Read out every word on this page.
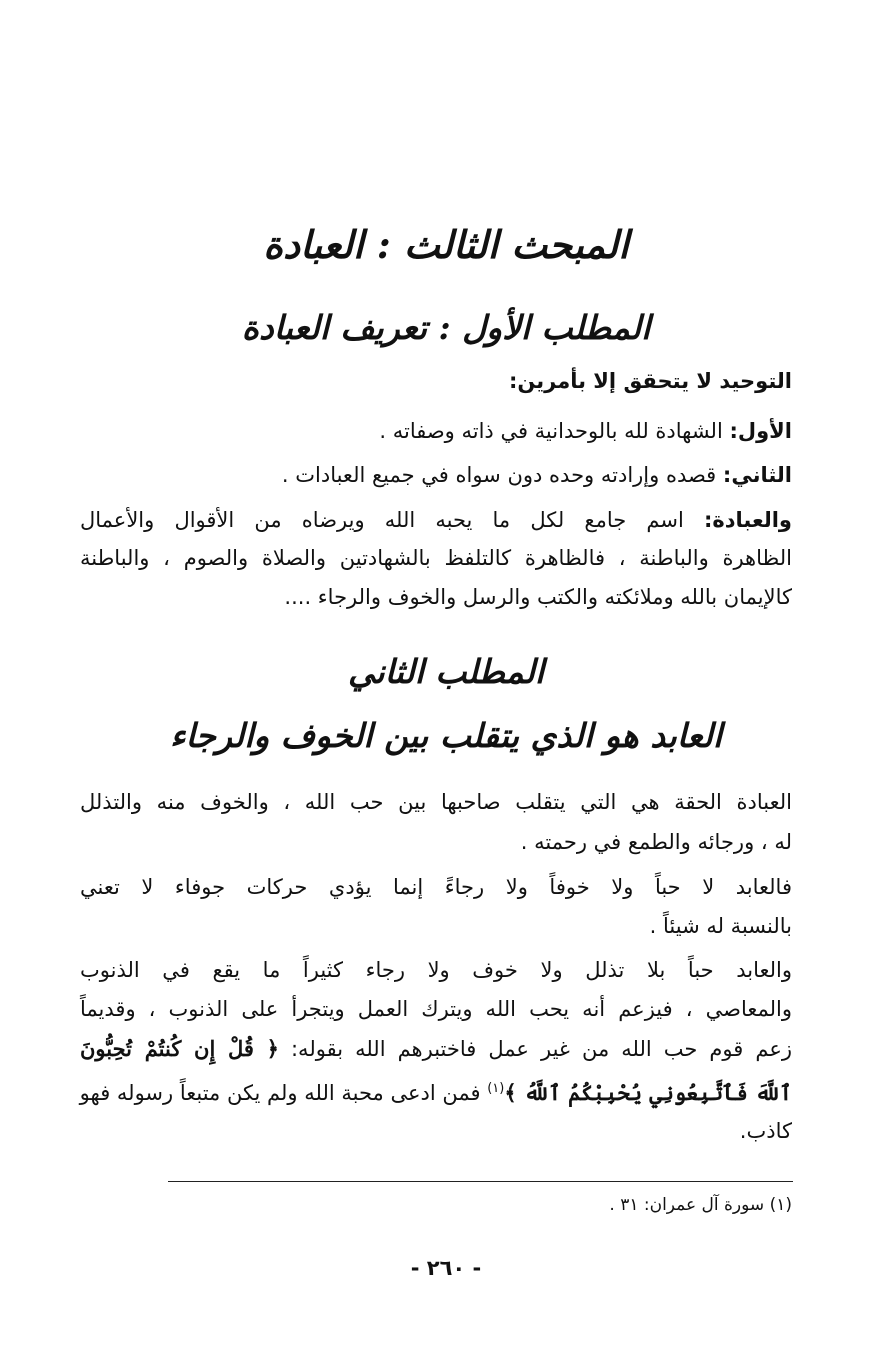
المبحث الثالث : العبادة
المطلب الأول : تعريف العبادة
التوحيد لا يتحقق إلا بأمرين:
الأول: الشهادة لله بالوحدانية في ذاته وصفاته .
الثاني: قصده وإرادته وحده دون سواه في جميع العبادات .
والعبادة: اسم جامع لكل ما يحبه الله ويرضاه من الأقوال والأعمال
الظاهرة والباطنة ، فالظاهرة كالتلفظ بالشهادتين والصلاة والصوم ، والباطنة
كالإيمان بالله وملائكته والكتب والرسل والخوف والرجاء ....
المطلب الثاني
العابد هو الذي يتقلب بين الخوف والرجاء
العبادة الحقة هي التي يتقلب صاحبها بين حب الله ، والخوف منه والتذلل
له ، ورجائه والطمع في رحمته .
فالعابد لا حباً ولا خوفاً ولا رجاءً إنما يؤدي حركات جوفاء لا تعني
بالنسبة له شيئاً .
والعابد حباً بلا تذلل ولا خوف ولا رجاء كثيراً ما يقع في الذنوب
والمعاصي ، فيزعم أنه يحب الله ويترك العمل ويتجرأ على الذنوب ، وقديماً
زعم قوم حب الله من غير عمل فاختبرهم الله بقوله: ﴿ قُلْ إِن كُنتُمْ تُحِبُّونَ
ٱللَّهَ فَٱتَّبِعُونِي يُحْبِبْكُمُ ٱللَّهُ ﴾$^{(١)}$ فمن ادعى محبة الله ولم يكن متبعاً رسوله فهو
كاذب.
(١) سورة آل عمران: ٣١ .
- ٢٦٠ -
